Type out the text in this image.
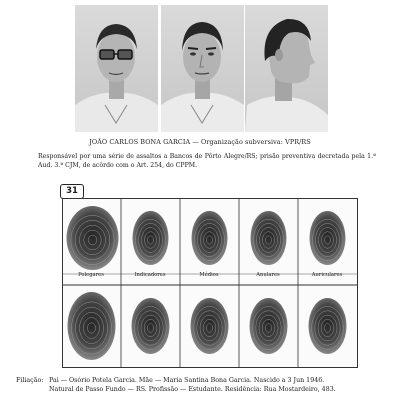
JOÃO CARLOS BONA GARCIA — Organização subversiva: VPR/RS
Responsável por uma série de assaltos a Bancos de Pôrto Alegre/RS; prisão preventiva decretada pela 1.ª Aud. 3.ª CJM, de acôrdo com o Art. 254, do CPPM.
31
Polegares	Indicadores	Médios	Anulares	Auriculares
Filiação: Pai — Osório Potela Garcia. Mãe — Maria Santina Bona Garcia. Nascido a 3 Jun 1946.
Natural de Passo Fundo — RS. Profissão — Estudante. Residência: Rua Mostardeiro, 483.
